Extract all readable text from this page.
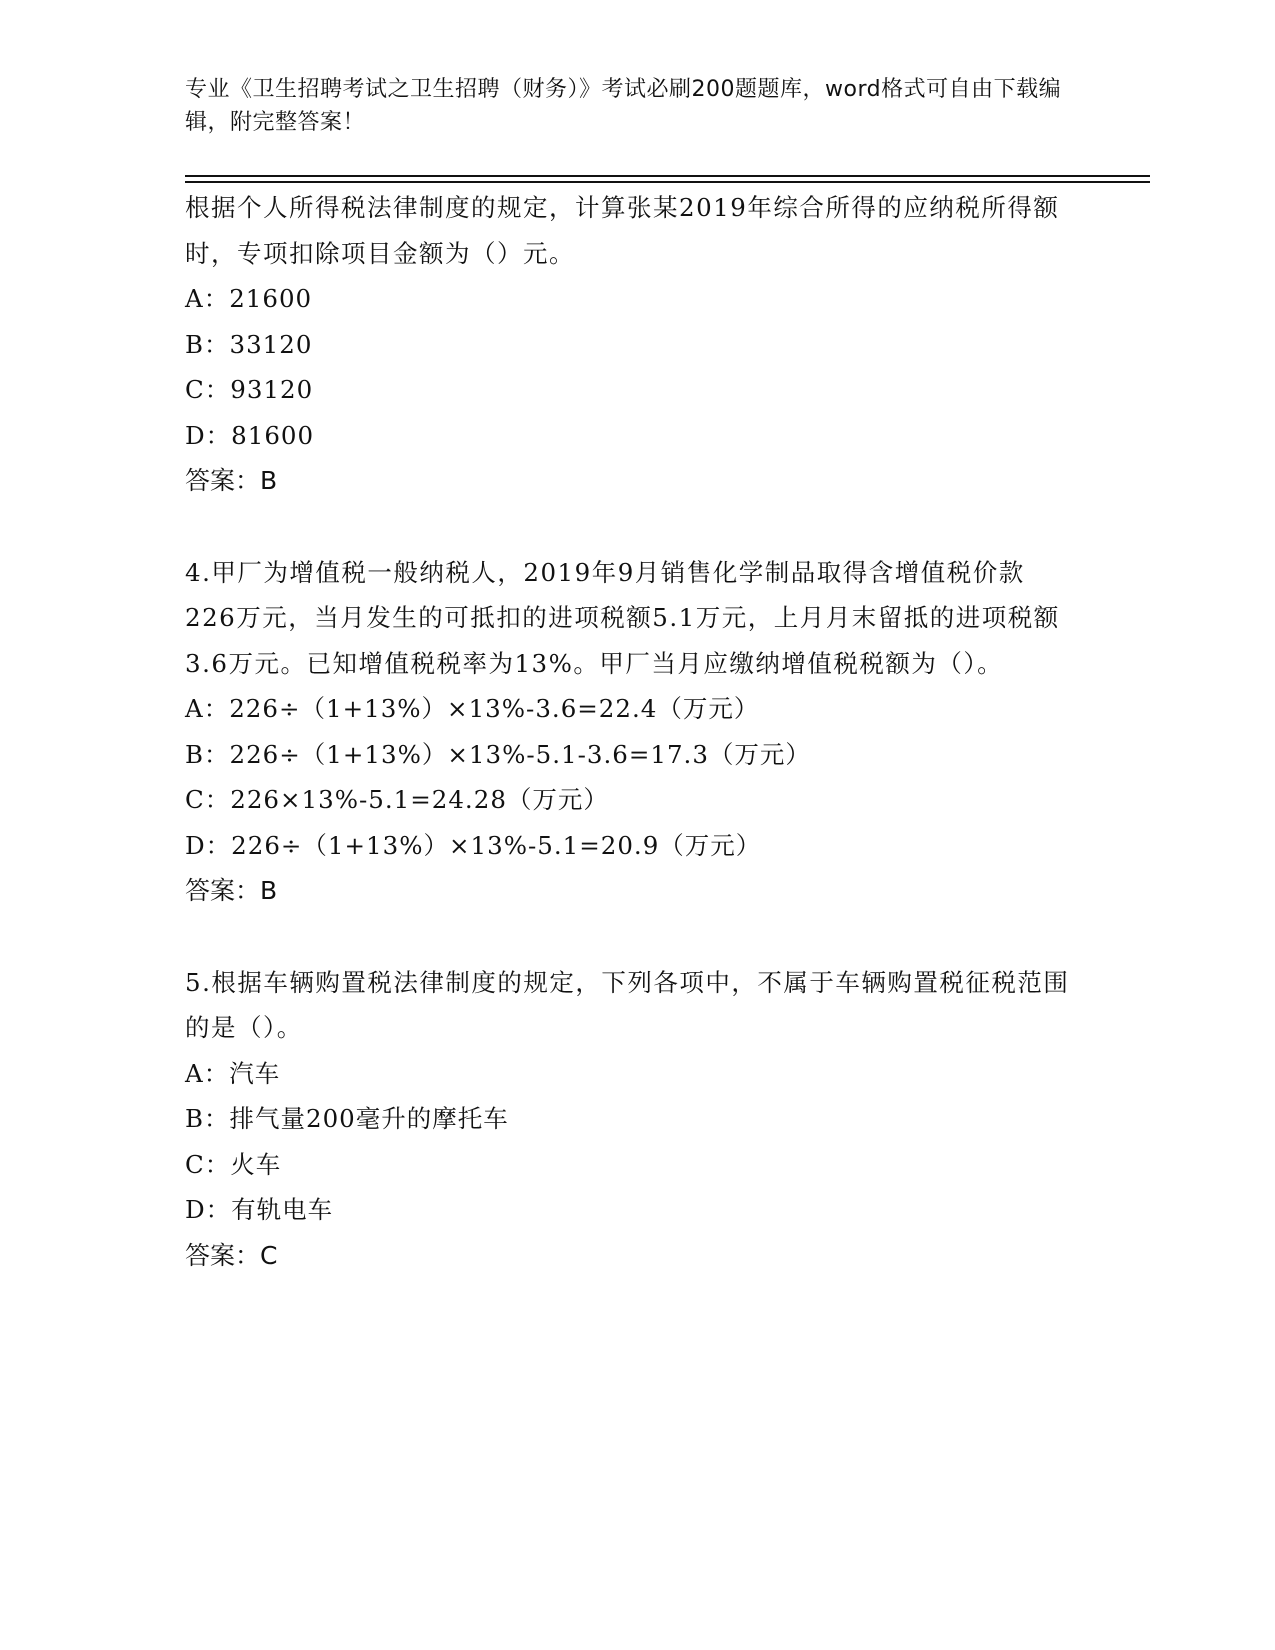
专业《卫生招聘考试之卫生招聘（财务）》考试必刷200题题库，word格式可自由下载编辑，附完整答案！

根据个人所得税法律制度的规定，计算张某2019年综合所得的应纳税所得额时，专项扣除项目金额为（）元。

A：21600

B：33120

C：93120

D：81600

答案：B

4.甲厂为增值税一般纳税人，2019年9月销售化学制品取得含增值税价款226万元，当月发生的可抵扣的进项税额5.1万元，上月月末留抵的进项税额3.6万元。已知增值税税率为13%。甲厂当月应缴纳增值税税额为（）。

A：226÷（1+13%）×13%-3.6=22.4（万元）

B：226÷（1+13%）×13%-5.1-3.6=17.3（万元）

C：226×13%-5.1=24.28（万元）

D：226÷（1+13%）×13%-5.1=20.9（万元）

答案：B

5.根据车辆购置税法律制度的规定，下列各项中，不属于车辆购置税征税范围的是（）。

A：汽车

B：排气量200毫升的摩托车

C：火车

D：有轨电车

答案：C
